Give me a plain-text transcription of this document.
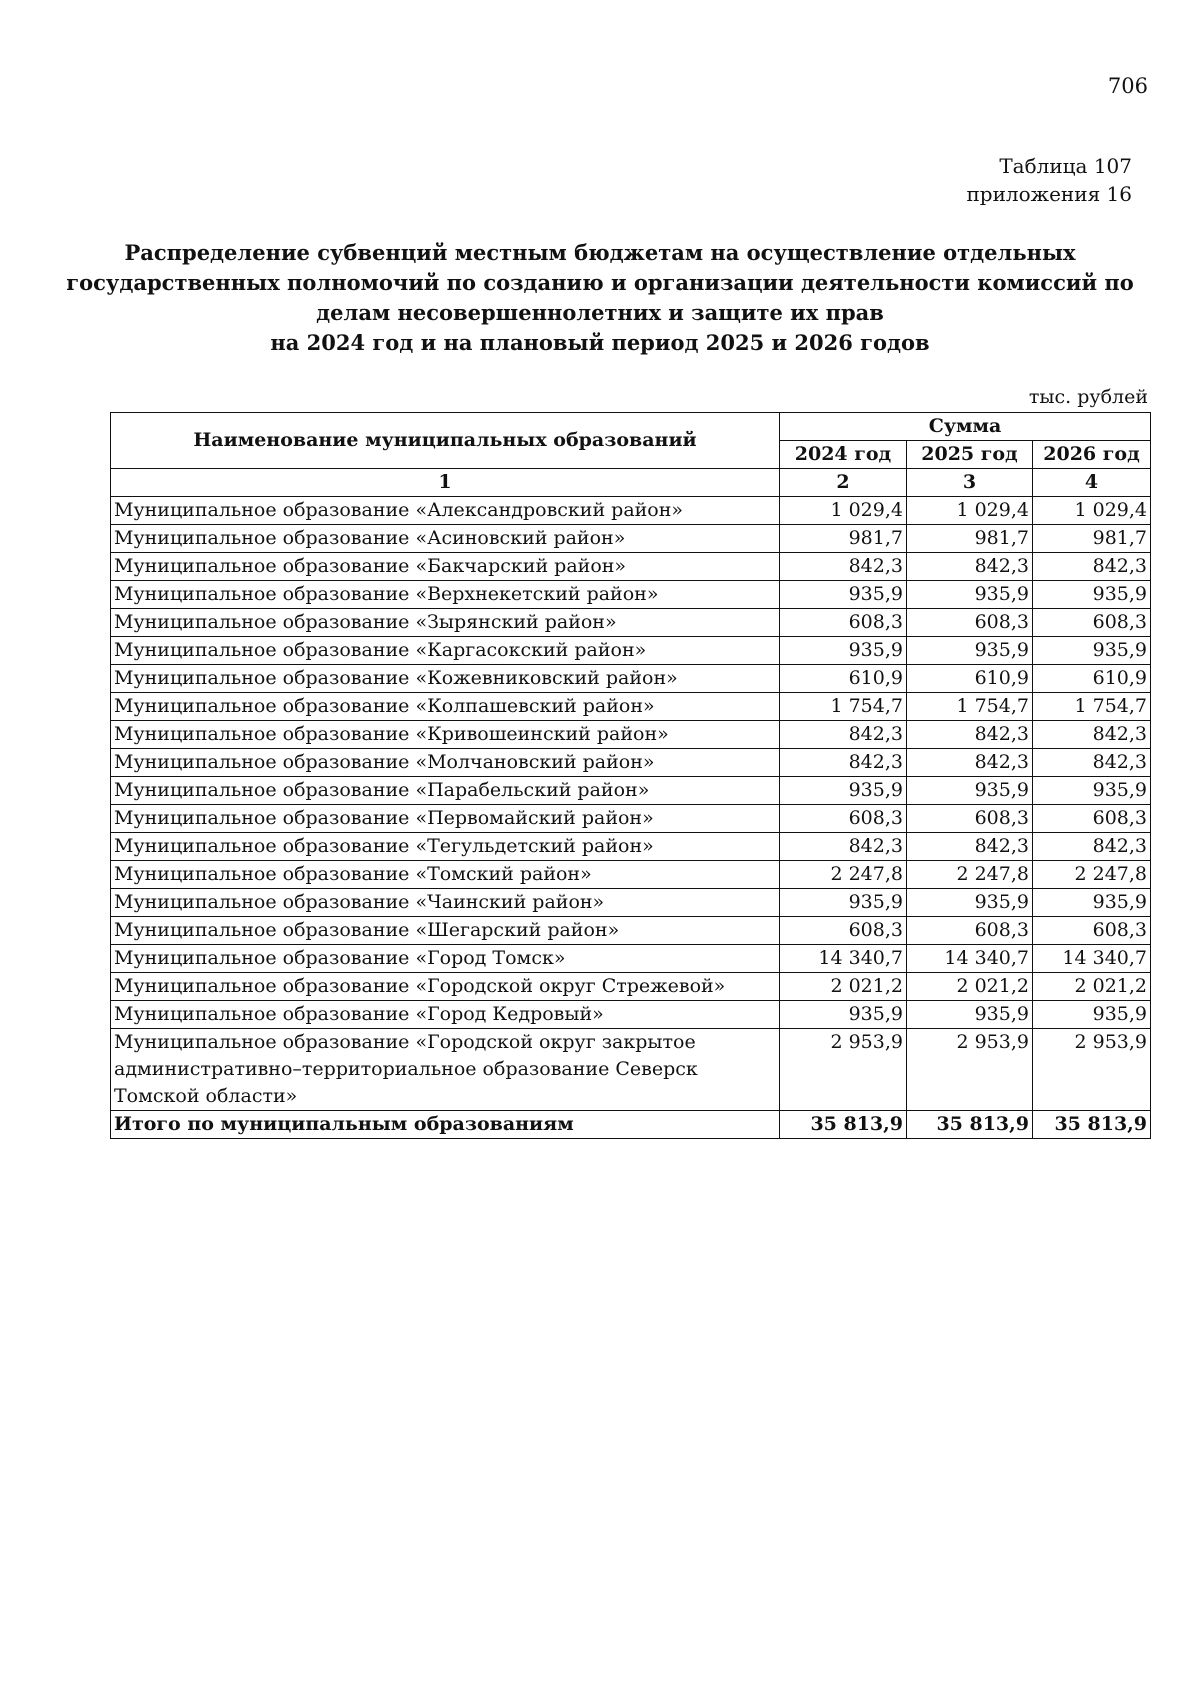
706
Таблица 107
приложения 16
Распределение субвенций местным бюджетам на осуществление отдельных
государственных полномочий по созданию и организации деятельности комиссий по
делам несовершеннолетних и защите их прав
на 2024 год и на плановый период 2025 и 2026 годов
тыс. рублей
Наименование муниципальных образований	Сумма		
	2024 год	2025 год	2026 год
1	2	3	4
Муниципальное образование «Александровский район»	1 029,4	1 029,4	1 029,4
Муниципальное образование «Асиновский район»	981,7	981,7	981,7
Муниципальное образование «Бакчарский район»	842,3	842,3	842,3
Муниципальное образование «Верхнекетский район»	935,9	935,9	935,9
Муниципальное образование «Зырянский район»	608,3	608,3	608,3
Муниципальное образование «Каргасокский район»	935,9	935,9	935,9
Муниципальное образование «Кожевниковский район»	610,9	610,9	610,9
Муниципальное образование «Колпашевский район»	1 754,7	1 754,7	1 754,7
Муниципальное образование «Кривошеинский район»	842,3	842,3	842,3
Муниципальное образование «Молчановский район»	842,3	842,3	842,3
Муниципальное образование «Парабельский район»	935,9	935,9	935,9
Муниципальное образование «Первомайский район»	608,3	608,3	608,3
Муниципальное образование «Тегульдетский район»	842,3	842,3	842,3
Муниципальное образование «Томский район»	2 247,8	2 247,8	2 247,8
Муниципальное образование «Чаинский район»	935,9	935,9	935,9
Муниципальное образование «Шегарский район»	608,3	608,3	608,3
Муниципальное образование «Город Томск»	14 340,7	14 340,7	14 340,7
Муниципальное образование «Городской округ Стрежевой»	2 021,2	2 021,2	2 021,2
Муниципальное образование «Город Кедровый»	935,9	935,9	935,9
Муниципальное образование «Городской округ закрытое административно–территориальное образование Северск Томской области»	2 953,9	2 953,9	2 953,9
Итого по муниципальным образованиям	35 813,9	35 813,9	35 813,9
